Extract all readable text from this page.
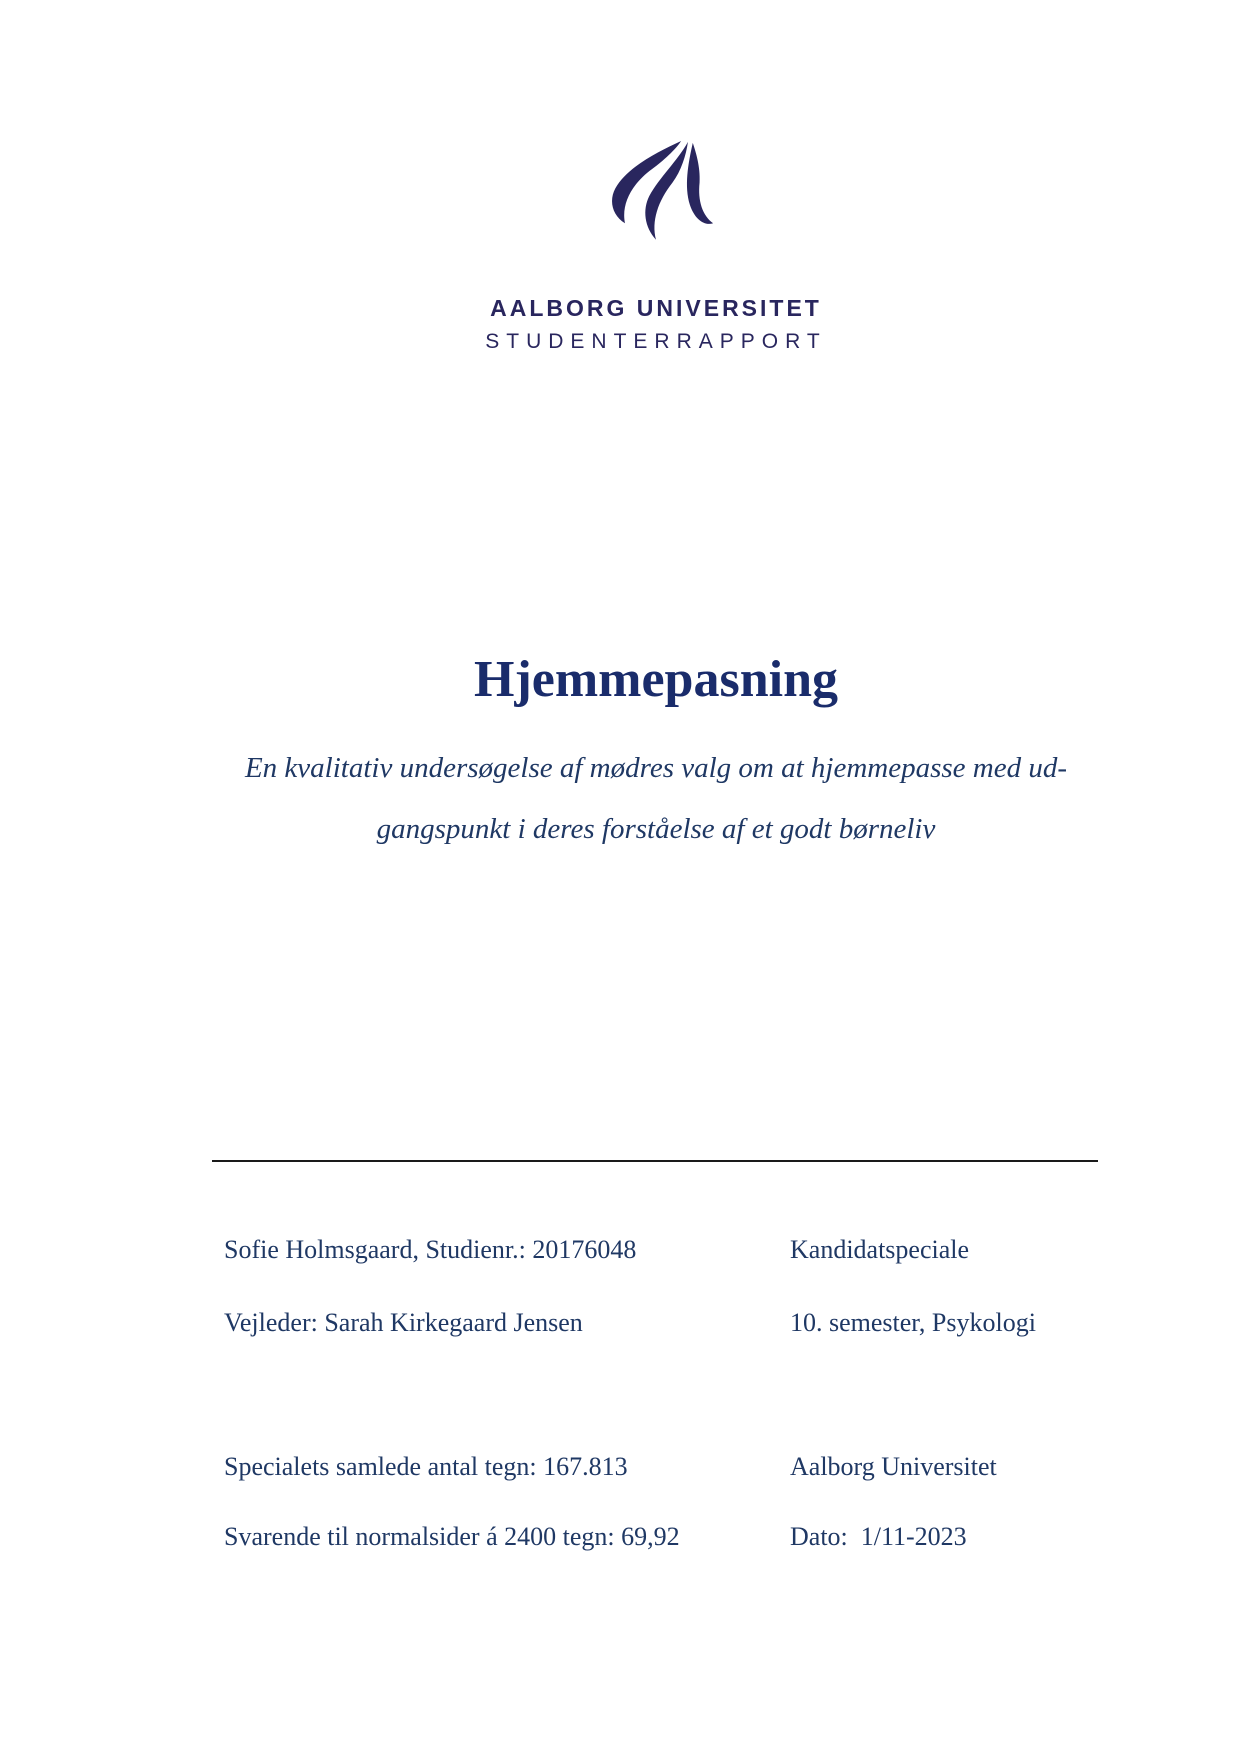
AALBORG UNIVERSITET
STUDENTERRAPPORT
Hjemmepasning

En kvalitativ undersøgelse af mødres valg om at hjemmepasse med ud-
gangspunkt i deres forståelse af et godt børneliv

Sofie Holmsgaard, Studienr.: 20176048	Kandidatspeciale
Vejleder: Sarah Kirkegaard Jensen	10. semester, Psykologi
Specialets samlede antal tegn: 167.813	Aalborg Universitet
Svarende til normalsider á 2400 tegn: 69,92	Dato:  1/11-2023
